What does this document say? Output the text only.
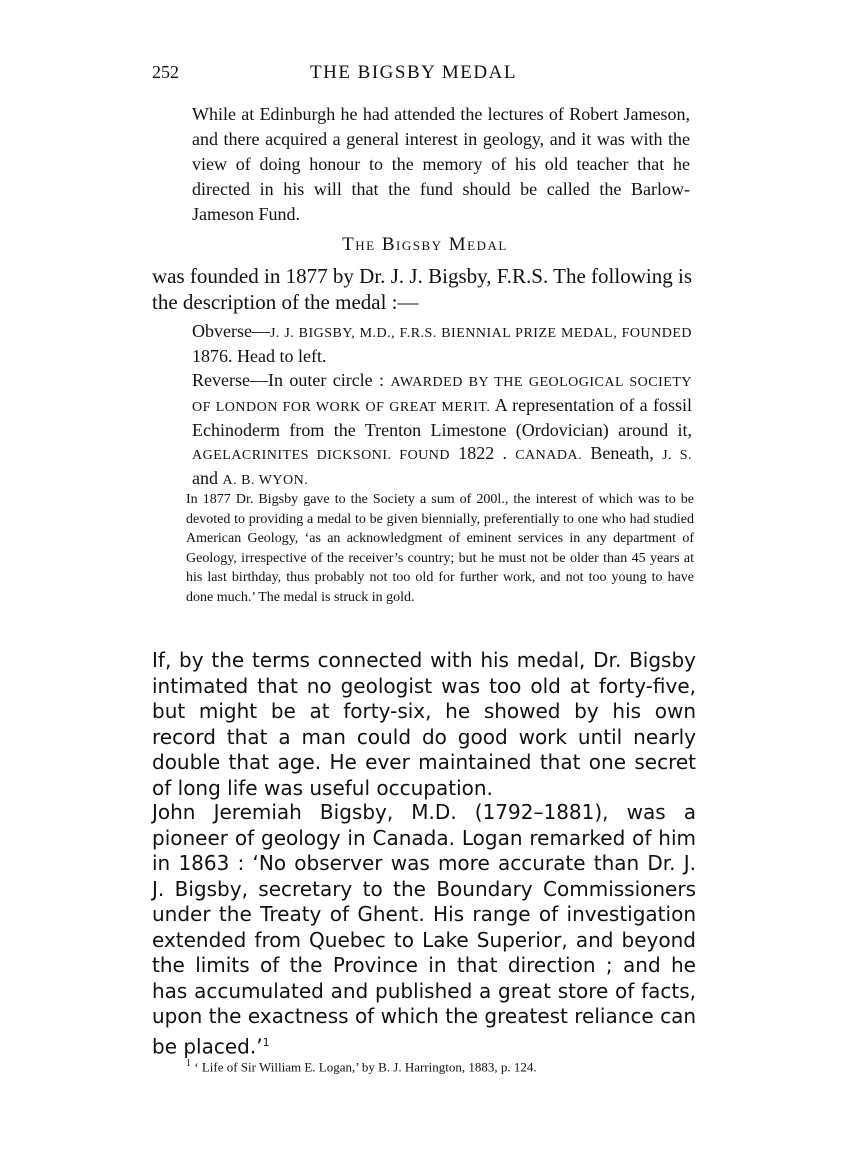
252	THE BIGSBY MEDAL

While at Edinburgh he had attended the lectures of Robert Jameson, and there acquired a general interest in geology, and it was with the view of doing honour to the memory of his old teacher that he directed in his will that the fund should be called the Barlow-Jameson Fund.

The Bigsby Medal

was founded in 1877 by Dr. J. J. Bigsby, F.R.S. The following is the description of the medal :—

Obverse—J. J. BIGSBY, M.D., F.R.S. BIENNIAL PRIZE MEDAL, FOUNDED 1876. Head to left.

Reverse—In outer circle : AWARDED BY THE GEOLOGICAL SOCIETY OF LONDON FOR WORK OF GREAT MERIT. A representation of a fossil Echinoderm from the Trenton Limestone (Ordovician) around it, AGELACRINITES DICKSONI. FOUND 1822 . CANADA. Beneath, J. S. and A. B. WYON.

In 1877 Dr. Bigsby gave to the Society a sum of 200l., the interest of which was to be devoted to providing a medal to be given biennially, preferentially to one who had studied American Geology, ‘as an acknowledgment of eminent services in any department of Geology, irrespective of the receiver’s country; but he must not be older than 45 years at his last birthday, thus probably not too old for further work, and not too young to have done much.’ The medal is struck in gold.

If, by the terms connected with his medal, Dr. Bigsby intimated that no geologist was too old at forty-five, but might be at forty-six, he showed by his own record that a man could do good work until nearly double that age. He ever maintained that one secret of long life was useful occupation.

John Jeremiah Bigsby, M.D. (1792–1881), was a pioneer of geology in Canada. Logan remarked of him in 1863 : ‘No observer was more accurate than Dr. J. J. Bigsby, secretary to the Boundary Commissioners under the Treaty of Ghent. His range of investigation extended from Quebec to Lake Superior, and beyond the limits of the Province in that direction ; and he has accumulated and published a great store of facts, upon the exactness of which the greatest reliance can be placed.’$^1$

$^1$ ‘ Life of Sir William E. Logan,’ by B. J. Harrington, 1883, p. 124.
